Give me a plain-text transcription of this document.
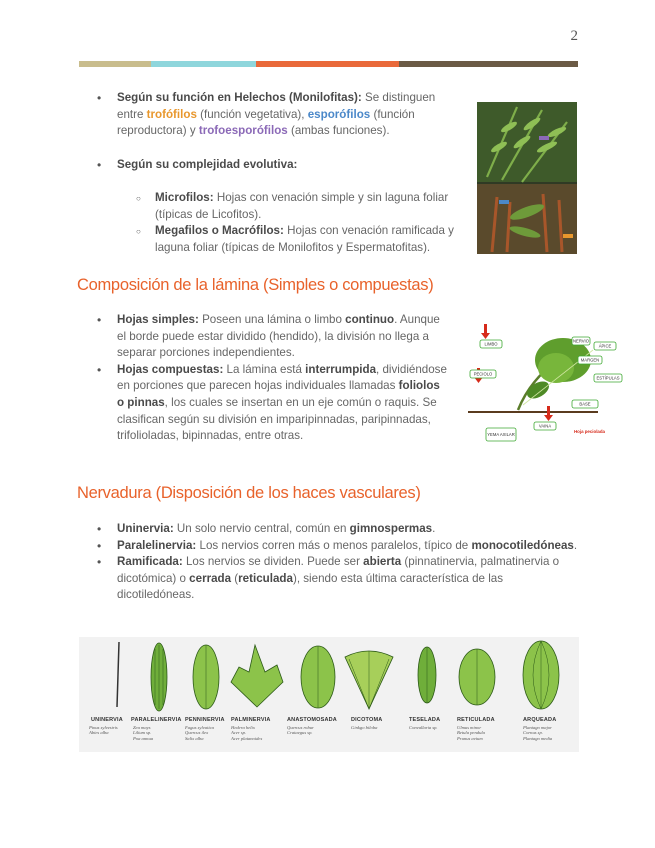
2
• Según su función en Helechos (Monilofitas): Se distinguen entre trofófilos (función vegetativa), esporófilos (función reproductora) y trofoesporófilos (ambas funciones).
• Según su complejidad evolutiva:
○ Microfilos: Hojas con venación simple y sin laguna foliar (típicas de Licofitos).
○ Megafilos o Macrófilos: Hojas con venación ramificada y laguna foliar (típicas de Monilofitos y Espermatofitas).
Composición de la lámina (Simples o compuestas)
• Hojas simples: Poseen una lámina o limbo continuo. Aunque el borde puede estar dividido (hendido), la división no llega a separar porciones independientes.
• Hojas compuestas: La lámina está interrumpida, dividiéndose en porciones que parecen hojas individuales llamadas foliolos o pinnas, los cuales se insertan en un eje común o raquis. Se clasifican según su división en imparipinnadas, paripinnadas, trifolioladas, bipinnadas, entre otras.
LIMBO
PECIOLO
NERVIO
ÁPICE
MARGEN
ESTÍPULAS
BASE
YEMA AXILAR
VAINA
Hoja peciolada
Nervadura (Disposición de los haces vasculares)
• Uninervia: Un solo nervio central, común en gimnospermas.
• Paralelinervia: Los nervios corren más o menos paralelos, típico de monocotiledóneas.
• Ramificada: Los nervios se dividen. Puede ser abierta (pinnatinervia, palmatinervia o dicotómica) o cerrada (reticulada), siendo esta última característica de las dicotiledóneas.
UNINERVIA PARALELINERVIA PENNINERVIA PALMINERVIA	ANASTOMOSADA	DICOTOMA	TESELADA	RETICULADA	ARQUEADA
Pinus sylvestris
Abies alba
Zea mays
Lilium sp.
Poa annua
Fagus sylvatica
Quercus ilex
Salix alba
Hedera helix
Acer sp.
Acer platanoides
Quercus robur
Crataegus sp.
Ginkgo biloba	Convallaria sp.	Ulmus minor
Betula pendula
Prunus avium
Plantago major
Cornus sp.
Plantago media
